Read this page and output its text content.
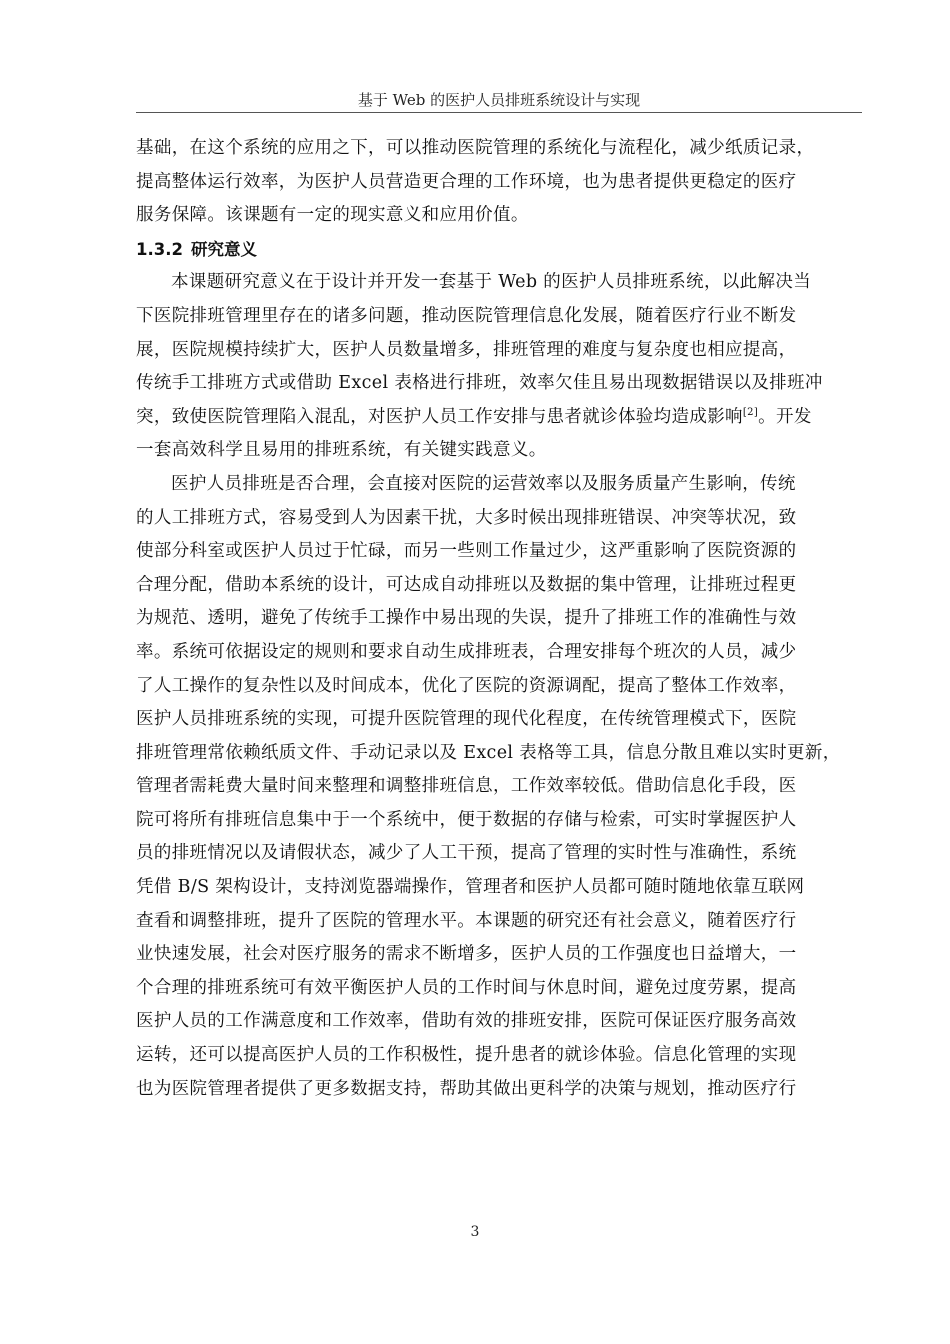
基于 Web 的医护人员排班系统设计与实现
基础，在这个系统的应用之下，可以推动医院管理的系统化与流程化，减少纸质记录，
提高整体运行效率，为医护人员营造更合理的工作环境，也为患者提供更稳定的医疗
服务保障。该课题有一定的现实意义和应用价值。
1.3.2 研究意义
本课题研究意义在于设计并开发一套基于 Web 的医护人员排班系统，以此解决当
下医院排班管理里存在的诸多问题，推动医院管理信息化发展，随着医疗行业不断发
展，医院规模持续扩大，医护人员数量增多，排班管理的难度与复杂度也相应提高，
传统手工排班方式或借助 Excel 表格进行排班，效率欠佳且易出现数据错误以及排班冲
突，致使医院管理陷入混乱，对医护人员工作安排与患者就诊体验均造成影响[2]。开发
一套高效科学且易用的排班系统，有关键实践意义。
医护人员排班是否合理，会直接对医院的运营效率以及服务质量产生影响，传统
的人工排班方式，容易受到人为因素干扰，大多时候出现排班错误、冲突等状况，致
使部分科室或医护人员过于忙碌，而另一些则工作量过少，这严重影响了医院资源的
合理分配，借助本系统的设计，可达成自动排班以及数据的集中管理，让排班过程更
为规范、透明，避免了传统手工操作中易出现的失误，提升了排班工作的准确性与效
率。系统可依据设定的规则和要求自动生成排班表，合理安排每个班次的人员，减少
了人工操作的复杂性以及时间成本，优化了医院的资源调配，提高了整体工作效率，
医护人员排班系统的实现，可提升医院管理的现代化程度，在传统管理模式下，医院
排班管理常依赖纸质文件、手动记录以及 Excel 表格等工具，信息分散且难以实时更新，
管理者需耗费大量时间来整理和调整排班信息，工作效率较低。借助信息化手段，医
院可将所有排班信息集中于一个系统中，便于数据的存储与检索，可实时掌握医护人
员的排班情况以及请假状态，减少了人工干预，提高了管理的实时性与准确性，系统
凭借 B/S 架构设计，支持浏览器端操作，管理者和医护人员都可随时随地依靠互联网
查看和调整排班，提升了医院的管理水平。本课题的研究还有社会意义，随着医疗行
业快速发展，社会对医疗服务的需求不断增多，医护人员的工作强度也日益增大，一
个合理的排班系统可有效平衡医护人员的工作时间与休息时间，避免过度劳累，提高
医护人员的工作满意度和工作效率，借助有效的排班安排，医院可保证医疗服务高效
运转，还可以提高医护人员的工作积极性，提升患者的就诊体验。信息化管理的实现
也为医院管理者提供了更多数据支持，帮助其做出更科学的决策与规划，推动医疗行
3
